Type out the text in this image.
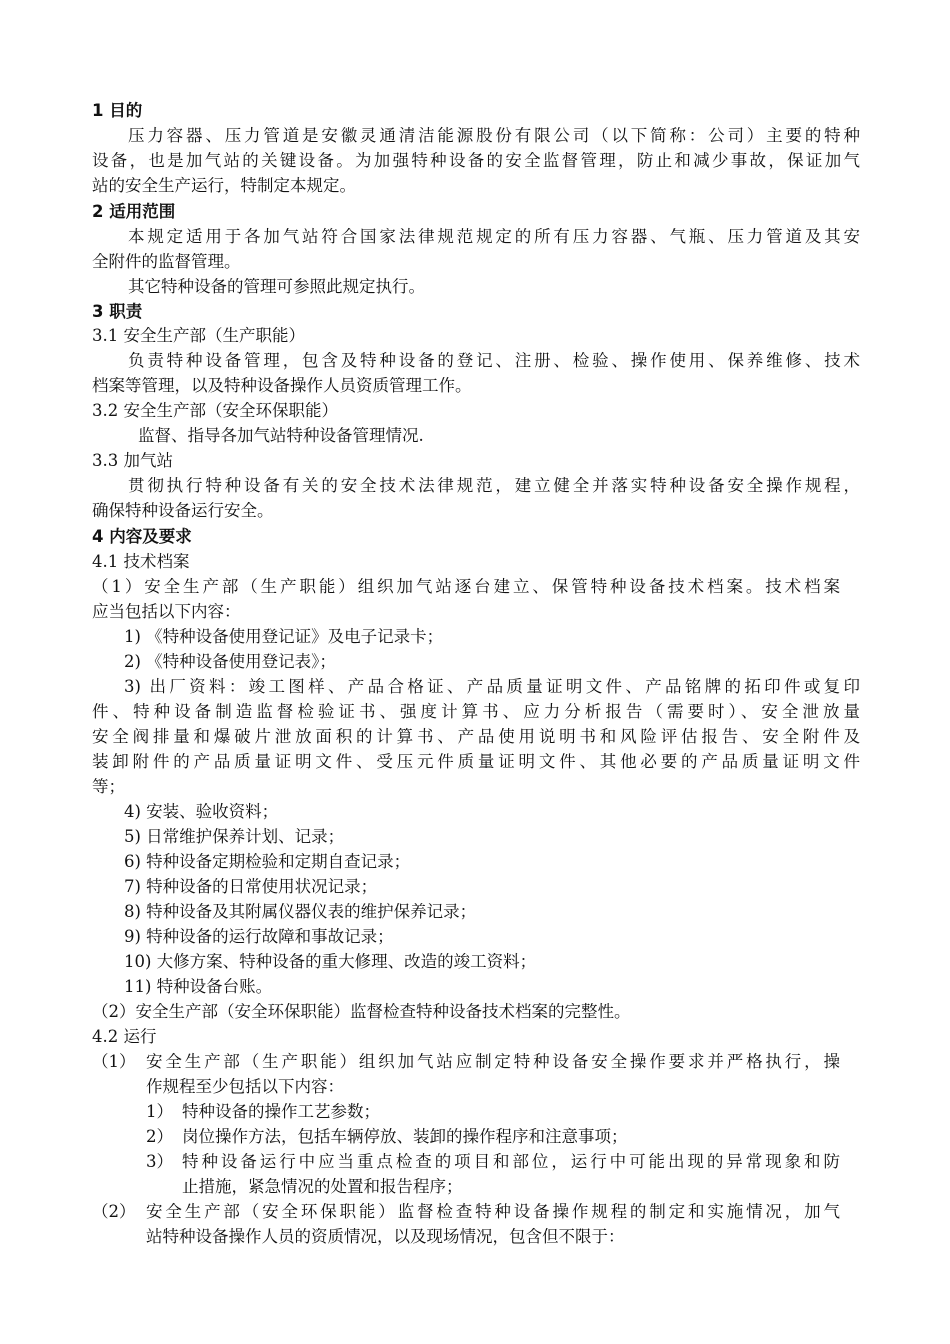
1 目的
压力容器、压力管道是安徽灵通清洁能源股份有限公司（以下简称：公司）主要的特种
设备，也是加气站的关键设备。为加强特种设备的安全监督管理，防止和减少事故，保证加气
站的安全生产运行，特制定本规定。
2 适用范围
本规定适用于各加气站符合国家法律规范规定的所有压力容器、气瓶、压力管道及其安
全附件的监督管理。
其它特种设备的管理可参照此规定执行。
3 职责
3.1 安全生产部（生产职能）
负责特种设备管理，包含及特种设备的登记、注册、检验、操作使用、保养维修、技术
档案等管理，以及特种设备操作人员资质管理工作。
3.2 安全生产部（安全环保职能）
监督、指导各加气站特种设备管理情况.
3.3 加气站
贯彻执行特种设备有关的安全技术法律规范，建立健全并落实特种设备安全操作规程，
确保特种设备运行安全。
4 内容及要求
4.1 技术档案
（1）安全生产部（生产职能）组织加气站逐台建立、保管特种设备技术档案。技术档案
应当包括以下内容：
1) 《特种设备使用登记证》及电子记录卡；
2) 《特种设备使用登记表》；
3) 出厂资料：竣工图样、产品合格证、产品质量证明文件、产品铭牌的拓印件或复印
件、特种设备制造监督检验证书、强度计算书、应力分析报告（需要时）、安全泄放量
安全阀排量和爆破片泄放面积的计算书、产品使用说明书和风险评估报告、安全附件及
装卸附件的产品质量证明文件、受压元件质量证明文件、其他必要的产品质量证明文件
等；
4) 安装、验收资料；
5) 日常维护保养计划、记录；
6) 特种设备定期检验和定期自查记录；
7) 特种设备的日常使用状况记录；
8) 特种设备及其附属仪器仪表的维护保养记录；
9) 特种设备的运行故障和事故记录；
10) 大修方案、特种设备的重大修理、改造的竣工资料；
11) 特种设备台账。
（2）安全生产部（安全环保职能）监督检查特种设备技术档案的完整性。
4.2 运行
（1） 安全生产部（生产职能）组织加气站应制定特种设备安全操作要求并严格执行，操
作规程至少包括以下内容：
1） 特种设备的操作工艺参数；
2） 岗位操作方法，包括车辆停放、装卸的操作程序和注意事项；
3） 特种设备运行中应当重点检查的项目和部位，运行中可能出现的异常现象和防
止措施，紧急情况的处置和报告程序；
（2） 安全生产部（安全环保职能）监督检查特种设备操作规程的制定和实施情况，加气
站特种设备操作人员的资质情况，以及现场情况，包含但不限于：
